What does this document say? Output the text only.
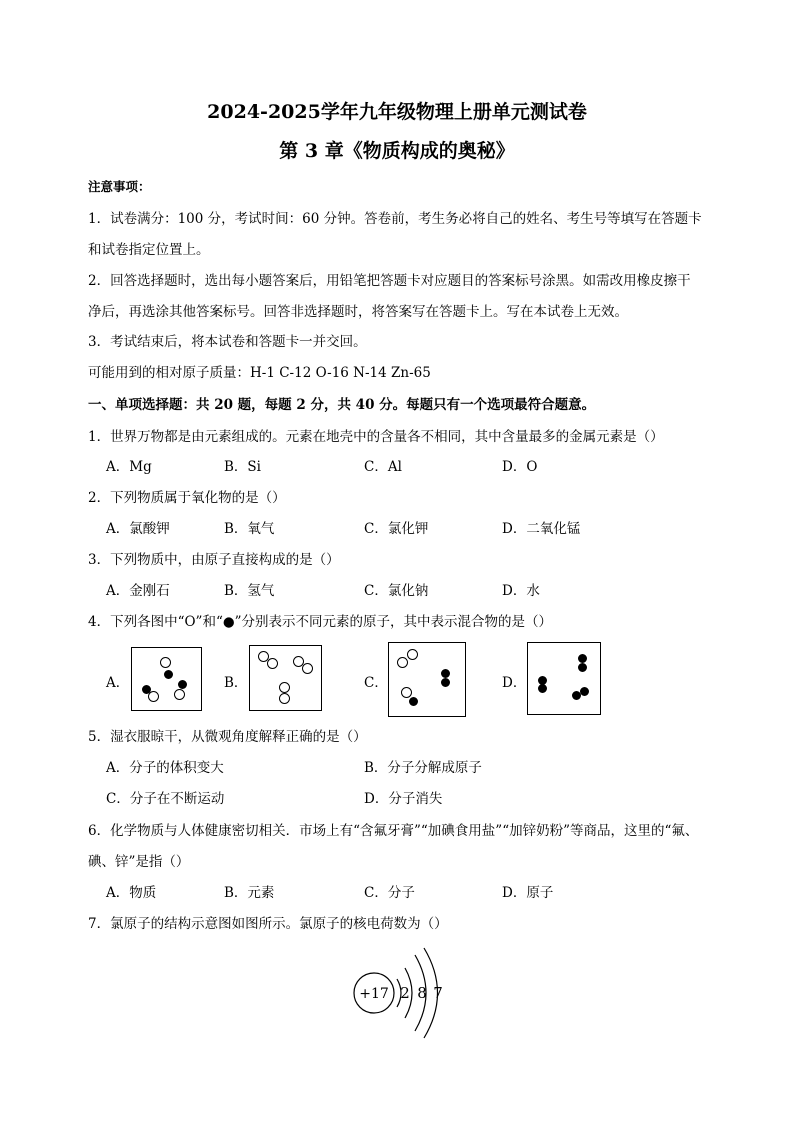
2024-2025学年九年级物理上册单元测试卷
第 3 章《物质构成的奥秘》
注意事项：
1．试卷满分：100 分，考试时间：60 分钟。答卷前，考生务必将自己的姓名、考生号等填写在答题卡
和试卷指定位置上。
2．回答选择题时，选出每小题答案后，用铅笔把答题卡对应题目的答案标号涂黑。如需改用橡皮擦干
净后，再选涂其他答案标号。回答非选择题时，将答案写在答题卡上。写在本试卷上无效。
3．考试结束后，将本试卷和答题卡一并交回。
可能用到的相对原子质量：H-1 C-12 O-16 N-14 Zn-65
一、单项选择题：共 20 题，每题 2 分，共 40 分。每题只有一个选项最符合题意。
1．世界万物都是由元素组成的。元素在地壳中的含量各不相同，其中含量最多的金属元素是（）
A．Mg	B．Si	C．Al	D．O
2．下列物质属于氧化物的是（）
A．氯酸钾	B．氧气	C．氯化钾	D．二氧化锰
3．下列物质中，由原子直接构成的是（）
A．金刚石	B．氢气	C．氯化钠	D．水
4．下列各图中“O”和“●”分别表示不同元素的原子，其中表示混合物的是（）
A．	B．	C．	D．
5．湿衣服晾干，从微观角度解释正确的是（）
A．分子的体积变大	B．分子分解成原子
C．分子在不断运动	D．分子消失
6．化学物质与人体健康密切相关．市场上有“含氟牙膏”“加碘食用盐”“加锌奶粉”等商品，这里的“氟、
碘、锌”是指（）
A．物质	B．元素	C．分子	D．原子
7．氯原子的结构示意图如图所示。氯原子的核电荷数为（）
+17 2 8 7
